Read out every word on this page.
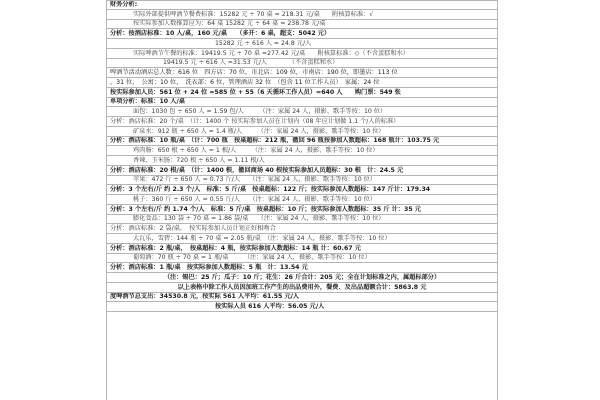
财务分析:
实际外部提供啤酒节餐费标准：15282 元 ÷ 70 桌 = 218.31 元/桌　　附核算标准：√
按实际参加人数推算应为：64 桌 15282 元 ÷ 64 桌 = 238.78 元/桌
分析：按酒店标准：10 人/桌，160 元/桌　　（多开：6 桌，超支：5042 元）
15282 元 ÷ 616 人 = 24.8 元/人
实际啤酒节午餐的标准：19419.5 元 ÷ 70 桌 =277.42 元/桌　　附核算标准：◇（不含蛋糕和水）
19419.5 元 ÷ 616 人 =31.53 元/人　　　　（不含蛋糕和水）
啤酒节活动酒店总人数：616 位　四方店：70 位，市北店：109 位，市南店：190 位，即墨店：113 位
，31 位，　公寓：10 位，　洗衣部：6 位，管理酒店 32 位　（包含 11 位工作人员）　家属：24 位
按实际参加人员：561 位 + 24 位 =585 位 + 55（6 天循环工作人员）=640 人　　购门票：549 张
单项分析：标准：10 人/桌
面包：1030 包 ÷ 650 人 = 1.59 包/人　　　（注：家属 24 人，摄影、歌手等按：10 位）
分析：酒店标准：20 个/桌　（计：1400 个 按实际参加人员在计划内（08 年应计划做 1.1 个/人的标准）
矿泉水：912 瓶 ÷ 650 人 = 1.4 瓶/人　　　（注：家属 24 人，摄影、歌手等按：10 位）
分析：酒店标准：10 瓶/桌　（计：700 瓶　按桌超标：212 瓶，撤回 96 瓶按参加人数超标：168 瓶计：103.75 元
鸡肉肠：650 根 ÷ 650 人 = 1 根/人　　　（注：家属 24 人，摄影、歌手等按：10 位）
香辣、玉米肠：720 根 ÷ 650 人 = 1.11 根/人
分析：酒店标准：20 根/桌　（计：1400 根，撤回商场 40 根按实际参加人员超标：30 根　计：24.5 元
苹果：472 斤 ÷ 650 人 = 0.73 斤/人　　（注：家属 24 人，摄影、歌手等按：10 位）
分析：3 个左右/斤 约 2.3 个/人　标准：5 斤/桌　按桌超标：122 斤；按实际参加人数超标：147 斤计：179.34
桃子：360 斤 ÷ 650 人 = 0.55 斤/人　　（注：家属 24 人，摄影、歌手等按：10 位）
分析：3 个左右/斤 约 1.74 个/人　标准：5 斤/桌　按桌超标：10 斤；按实际参加人数超标：35 斤 计：35 元
膨化食品：130 袋 ÷ 70 桌 = 1.86 袋/桌　　（注：家属 24 人，摄影、歌手等按：10 位）
分析：酒店标准：2 袋/桌，　按实际参加人员计划正好相吻合
大瓦乐，雪碧：144 瓶 ÷ 70 桌 = 2.05 瓶/桌　（注：家属 24 人，摄影、歌手等按：10 位）
分析：酒店标准：2 瓶/桌，　按桌超标：4 瓶，按实际参加人数超标：14 瓶 计：60.67 元
葡萄酒：70 瓶 ÷ 70 桌 = 1 瓶/桌　　　（注：家属 24 人，摄影、歌手等按：10 位）
分析：酒店标准：1 瓶/桌　按实际参加人数超标：5 瓶　计：13.54 元
（注：锡巴：25 斤；瓜子：10 斤；花生：26 斤合计：205 元；全在计划标准之内，属超标部分）
以上表格中除工作人员因加班工作产生的出品费用外，餐费、及出品超额合计：5863.8 元
度啤酒节总支出：34530.8 元，按实际 561 人平均：61.55 元/人
按实际人员 616 人平均：56.05 元/人
